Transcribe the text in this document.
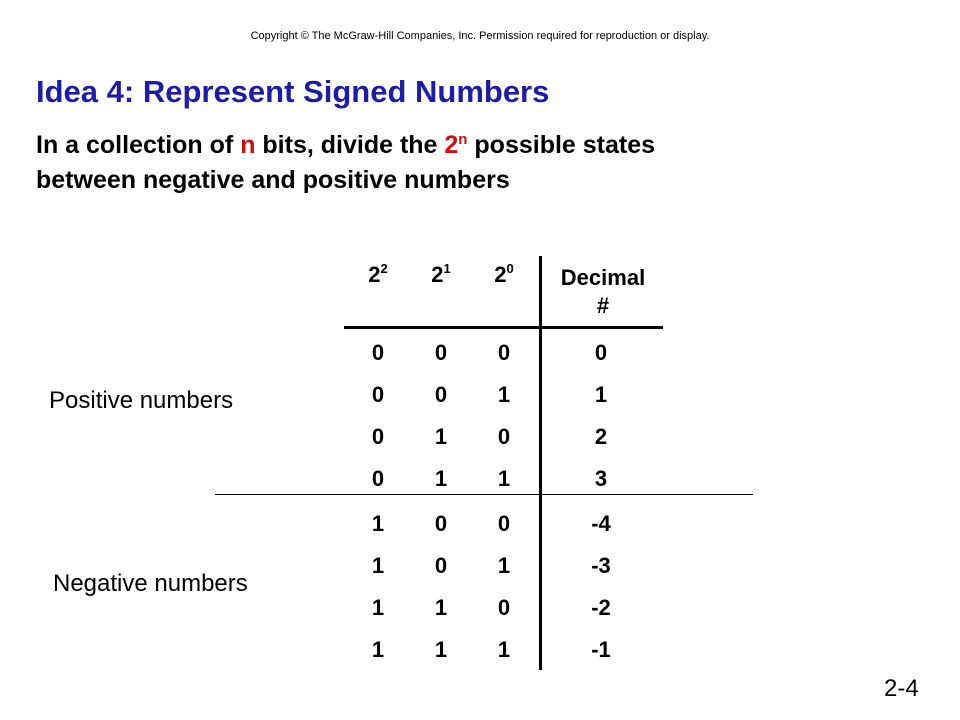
Copyright © The McGraw-Hill Companies, Inc. Permission required for reproduction or display.
Idea 4: Represent Signed Numbers

In a collection of n bits, divide the 2$^n$ possible states
between negative and positive numbers

Positive numbers
Negative numbers
$2^2$	$2^1$	$2^0$	Decimal
#
0	0	0	0
0	0	1	1
0	1	0	2
0	1	1	3
1	0	0	-4
1	0	1	-3
1	1	0	-2
1	1	1	-1
2-4
